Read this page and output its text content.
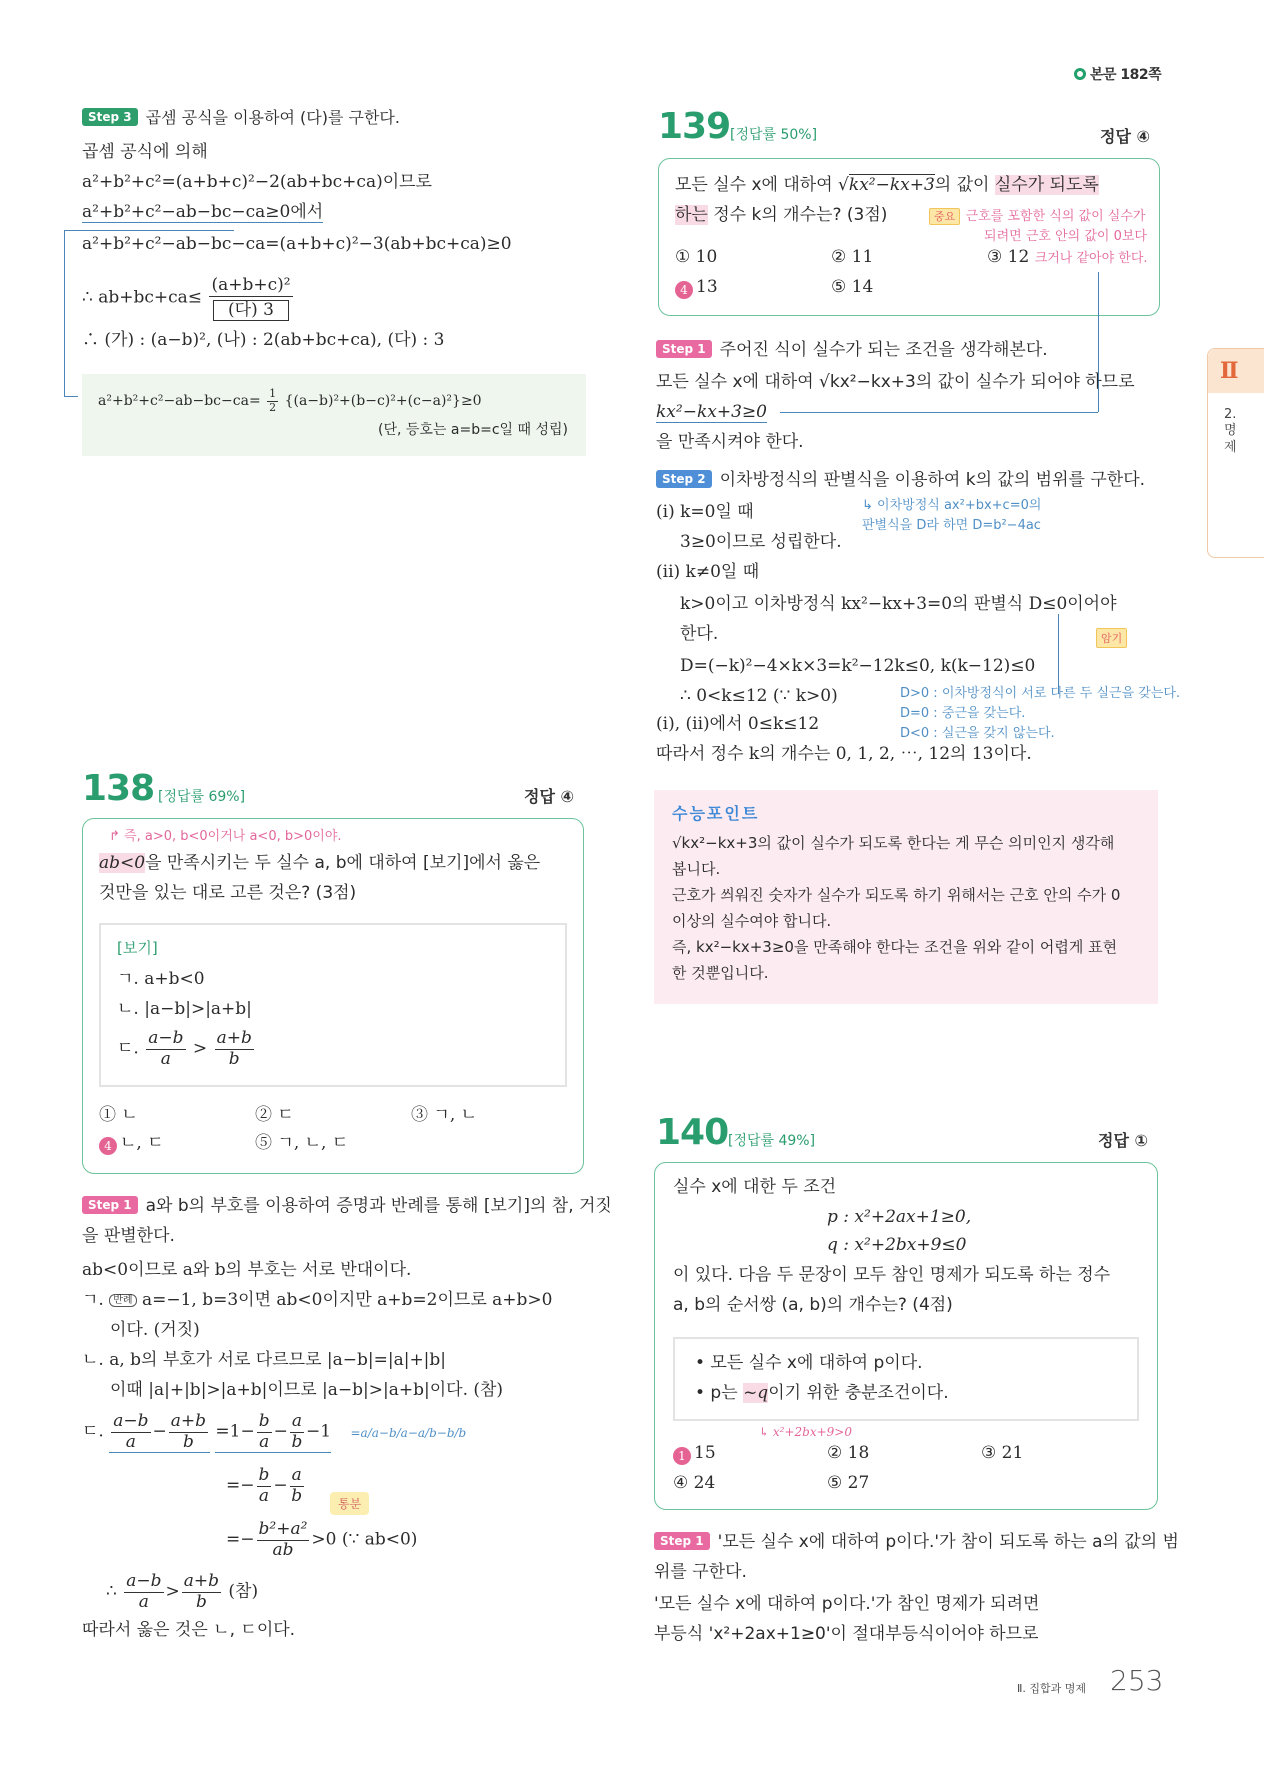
본문 182쪽
Ⅱ
2. 명제
Step 3 곱셈 공식을 이용하여 (다)를 구한다.
곱셈 공식에 의해
a²+b²+c²=(a+b+c)²−2(ab+bc+ca)이므로
a²+b²+c²−ab−bc−ca≥0에서
a²+b²+c²−ab−bc−ca=(a+b+c)²−3(ab+bc+ca)≥0
∴ $ab+bc+ca\le \frac{\text{(a+b+c)²}}{\text{(다) 3}}$
∴ (가) : (a−b)², (나) : 2(ab+bc+ca), (다) : 3
$a^2+b^2+c^2-ab-bc-ca= \frac{1}{2} \{(a-b)^2+(b-c)^2+(c-a)^2\}\ge 0$
(단, 등호는 a=b=c일 때 성립)
138 [정답률 69%]	정답 ④
↱ 즉, a>0, b<0이거나 a<0, b>0이야.
ab<0을 만족시키는 두 실수 a, b에 대하여 [보기]에서 옳은
것만을 있는 대로 고른 것은? (3점)
[보기]
ㄱ. a+b<0
ㄴ. |a−b|>|a+b|
ㄷ. $\frac{a-b}{a} > \frac{a+b}{b}$
① ㄴ	② ㄷ	③ ㄱ, ㄴ
4 ㄴ, ㄷ	⑤ ㄱ, ㄴ, ㄷ
Step 1 a와 b의 부호를 이용하여 증명과 반례를 통해 [보기]의 참, 거짓
을 판별한다.
ab<0이므로 a와 b의 부호는 서로 반대이다.
ㄱ. 반례 a=−1, b=3이면 ab<0이지만 a+b=2이므로 a+b>0
이다. (거짓)
ㄴ. a, b의 부호가 서로 다르므로 |a−b|=|a|+|b|
이때 |a|+|b|>|a+b|이므로 |a−b|>|a+b|이다. (참)
ㄷ. $\frac{a-b}{a} - \frac{a+b}{b} =1- \frac{b}{a} - \frac{a}{b} -1 =a/a-b/a-a/b-b/b$
=− $\frac{b}{a} - \frac{a}{b}$	통분
=− $\frac{\text{b²+a²}}{ab} >0$ (∵ ab<0)
∴ $\frac{a-b}{a} > \frac{a+b}{b}$ (참)
따라서 옳은 것은 ㄴ, ㄷ이다.
139 [정답률 50%]	정답 ④
모든 실수 x에 대하여 √kx²−kx+3의 값이 실수가 되도록
하는 정수 k의 개수는? (3점)	중요 근호를 포함한 식의 값이 실수가
되려면 근호 안의 값이 0보다
① 10	② 11	③ 12 크거나 같아야 한다.
4 13	⑤ 14
Step 1 주어진 식이 실수가 되는 조건을 생각해본다.
모든 실수 x에 대하여 √kx²−kx+3의 값이 실수가 되어야 하므로
kx²−kx+3≥0
을 만족시켜야 한다.
Step 2 이차방정식의 판별식을 이용하여 k의 값의 범위를 구한다.
↳ 이차방정식 ax²+bx+c=0의
판별식을 D라 하면 D=b²−4ac
(i) k=0일 때
3≥0이므로 성립한다.
(ii) k≠0일 때
k>0이고 이차방정식 kx²−kx+3=0의 판별식 D≤0이어야
한다.	암기
D=(−k)²−4×k×3=k²−12k≤0, k(k−12)≤0
∴ 0<k≤12 (∵ k>0)
(i), (ii)에서 0≤k≤12
따라서 정수 k의 개수는 0, 1, 2, ⋯, 12의 13이다.
D>0 : 이차방정식이 서로 다른 두 실근을 갖는다.
D=0 : 중근을 갖는다.
D<0 : 실근을 갖지 않는다.
수능포인트
√kx²−kx+3의 값이 실수가 되도록 한다는 게 무슨 의미인지 생각해
봅니다.
근호가 씌워진 숫자가 실수가 되도록 하기 위해서는 근호 안의 수가 0
이상의 실수여야 합니다.
즉, kx²−kx+3≥0을 만족해야 한다는 조건을 위와 같이 어렵게 표현
한 것뿐입니다.
140 [정답률 49%]	정답 ①
실수 x에 대한 두 조건
p : x²+2ax+1≥0,
q : x²+2bx+9≤0
이 있다. 다음 두 문장이 모두 참인 명제가 되도록 하는 정수
a, b의 순서쌍 (a, b)의 개수는? (4점)
• 모든 실수 x에 대하여 p이다.
• p는 ~q이기 위한 충분조건이다.
↳ x²+2bx+9>0
1 15	② 18	③ 21
④ 24	⑤ 27
Step 1 '모든 실수 x에 대하여 p이다.'가 참이 되도록 하는 a의 값의 범
위를 구한다.
'모든 실수 x에 대하여 p이다.'가 참인 명제가 되려면
부등식 'x²+2ax+1≥0'이 절대부등식이어야 하므로
Ⅱ. 집합과 명제 253
